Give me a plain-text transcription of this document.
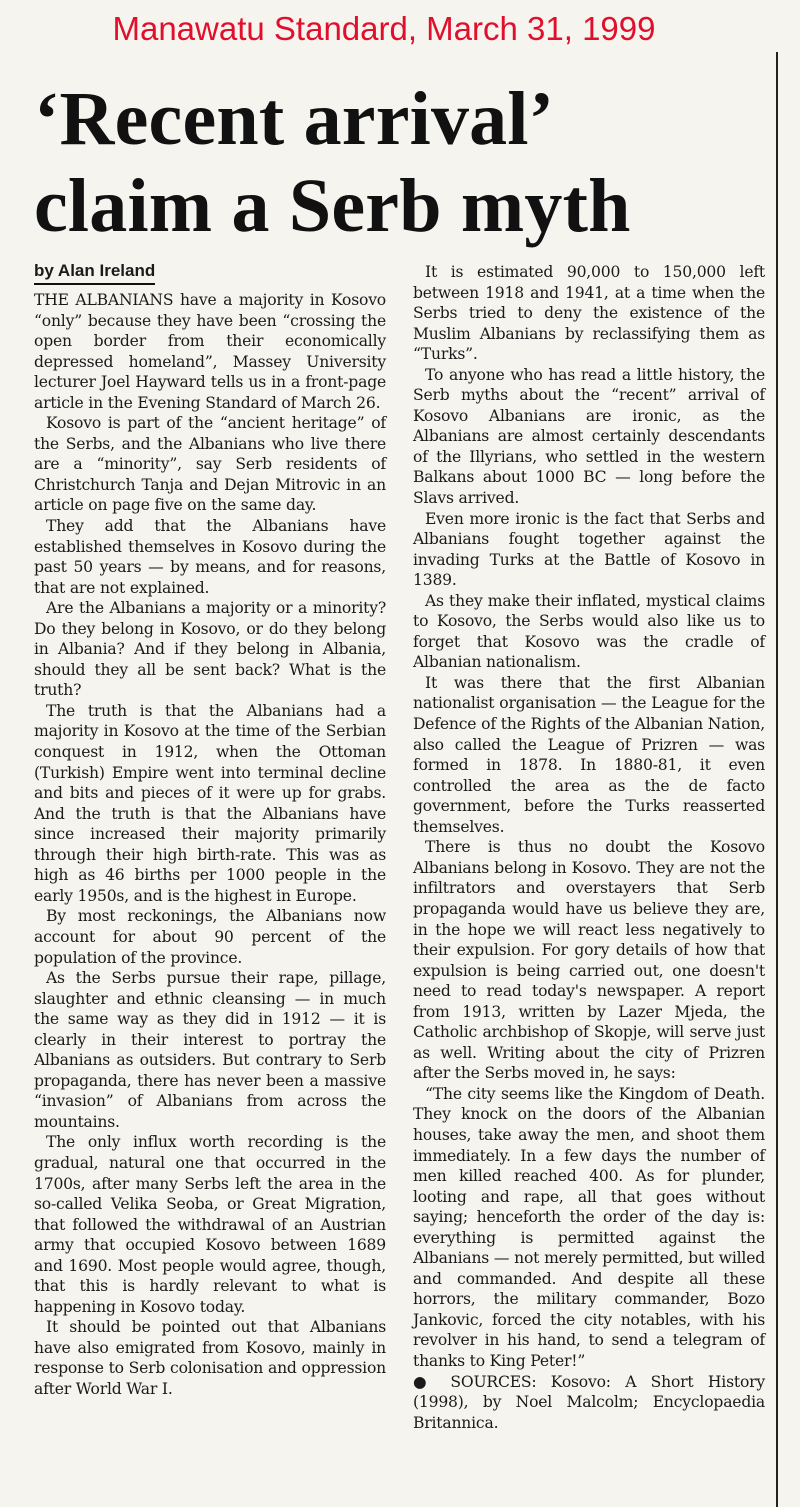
Manawatu Standard, March 31, 1999
‘Recent arrival’
claim a Serb myth
by Alan Ireland

THE ALBANIANS have a majority in Kosovo “only” because they have been “crossing the open border from their economically depressed homeland”, Massey University lecturer Joel Hayward tells us in a front-page article in the Evening Standard of March 26.

Kosovo is part of the “ancient heritage” of the Serbs, and the Albanians who live there are a “minority”, say Serb residents of Christchurch Tanja and Dejan Mitrovic in an article on page five on the same day.

They add that the Albanians have established themselves in Kosovo during the past 50 years — by means, and for reasons, that are not explained.

Are the Albanians a majority or a minority? Do they belong in Kosovo, or do they belong in Albania? And if they belong in Albania, should they all be sent back? What is the truth?

The truth is that the Albanians had a majority in Kosovo at the time of the Serbian conquest in 1912, when the Ottoman (Turkish) Empire went into terminal decline and bits and pieces of it were up for grabs. And the truth is that the Albanians have since increased their majority primarily through their high birth-rate. This was as high as 46 births per 1000 people in the early 1950s, and is the highest in Europe.

By most reckonings, the Albanians now account for about 90 percent of the population of the province.

As the Serbs pursue their rape, pillage, slaughter and ethnic cleansing — in much the same way as they did in 1912 — it is clearly in their interest to portray the Albanians as outsiders. But contrary to Serb propaganda, there has never been a massive “invasion” of Albanians from across the mountains.

The only influx worth recording is the gradual, natural one that occurred in the 1700s, after many Serbs left the area in the so-called Velika Seoba, or Great Migration, that followed the withdrawal of an Austrian army that occupied Kosovo between 1689 and 1690. Most people would agree, though, that this is hardly relevant to what is happening in Kosovo today.

It should be pointed out that Albanians have also emigrated from Kosovo, mainly in response to Serb colonisation and oppression after World War I.

It is estimated 90,000 to 150,000 left between 1918 and 1941, at a time when the Serbs tried to deny the existence of the Muslim Albanians by reclassifying them as “Turks”.

To anyone who has read a little history, the Serb myths about the “recent” arrival of Kosovo Albanians are ironic, as the Albanians are almost certainly descendants of the Illyrians, who settled in the western Balkans about 1000 BC — long before the Slavs arrived.

Even more ironic is the fact that Serbs and Albanians fought together against the invading Turks at the Battle of Kosovo in 1389.

As they make their inflated, mystical claims to Kosovo, the Serbs would also like us to forget that Kosovo was the cradle of Albanian nationalism.

It was there that the first Albanian nationalist organisation — the League for the Defence of the Rights of the Albanian Nation, also called the League of Prizren — was formed in 1878. In 1880-81, it even controlled the area as the de facto government, before the Turks reasserted themselves.

There is thus no doubt the Kosovo Albanians belong in Kosovo. They are not the infiltrators and overstayers that Serb propaganda would have us believe they are, in the hope we will react less negatively to their expulsion. For gory details of how that expulsion is being carried out, one doesn't need to read today's newspaper. A report from 1913, written by Lazer Mjeda, the Catholic archbishop of Skopje, will serve just as well. Writing about the city of Prizren after the Serbs moved in, he says:

“The city seems like the Kingdom of Death. They knock on the doors of the Albanian houses, take away the men, and shoot them immediately. In a few days the number of men killed reached 400. As for plunder, looting and rape, all that goes without saying; henceforth the order of the day is: everything is permitted against the Albanians — not merely permitted, but willed and commanded. And despite all these horrors, the military commander, Bozo Jankovic, forced the city notables, with his revolver in his hand, to send a telegram of thanks to King Peter!”

● SOURCES: Kosovo: A Short History (1998), by Noel Malcolm; Encyclopaedia Britannica.
